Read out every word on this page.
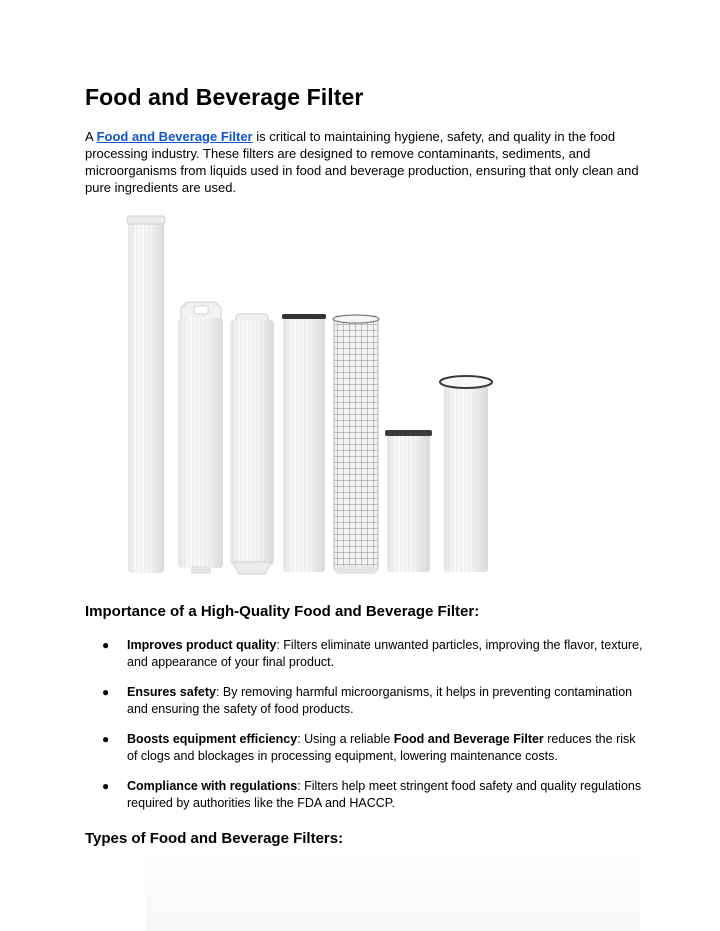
Food and Beverage Filter

A Food and Beverage Filter is critical to maintaining hygiene, safety, and quality in the food processing industry. These filters are designed to remove contaminants, sediments, and microorganisms from liquids used in food and beverage production, ensuring that only clean and pure ingredients are used.

Importance of a High-Quality Food and Beverage Filter:
● Improves product quality: Filters eliminate unwanted particles, improving the flavor, texture, and appearance of your final product.
● Ensures safety: By removing harmful microorganisms, it helps in preventing contamination and ensuring the safety of food products.
● Boosts equipment efficiency: Using a reliable Food and Beverage Filter reduces the risk of clogs and blockages in processing equipment, lowering maintenance costs.
● Compliance with regulations: Filters help meet stringent food safety and quality regulations required by authorities like the FDA and HACCP.
Types of Food and Beverage Filters:
